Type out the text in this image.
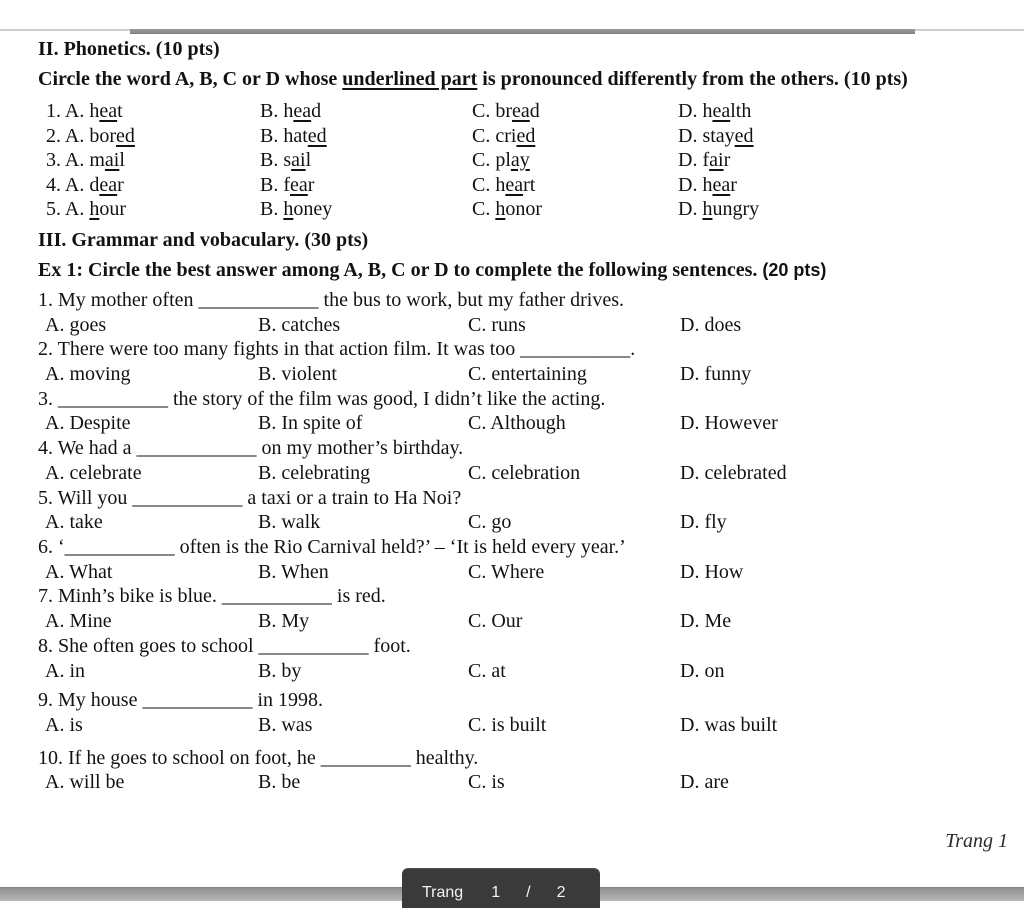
II. Phonetics. (10 pts)
Circle the word A, B, C or D whose underlined part is pronounced differently from the others. (10 pts)
1. A. heat	B. head	C. bread	D. health
2. A. bored	B. hated	C. cried	D. stayed
3. A. mail	B. sail	C. play	D. fair
4. A. dear	B. fear	C. heart	D. hear
5. A. hour	B. honey	C. honor	D. hungry
III. Grammar and vobaculary. (30 pts)
Ex 1: Circle the best answer among A, B, C or D to complete the following sentences. (20 pts)
1. My mother often ____________ the bus to work, but my father drives.
A. goes	B. catches	C. runs	D. does
2. There were too many fights in that action film. It was too ___________.
A. moving	B. violent	C. entertaining	D. funny
3. ___________ the story of the film was good, I didn’t like the acting.
A. Despite	B. In spite of	C. Although	D. However
4. We had a ____________ on my mother’s birthday.
A. celebrate	B. celebrating	C. celebration	D. celebrated
5. Will you ___________ a taxi or a train to Ha Noi?
A. take	B. walk	C. go	D. fly
6. ‘___________ often is the Rio Carnival held?’ – ‘It is held every year.’
A. What	B. When	C. Where	D. How
7. Minh’s bike is blue. ___________ is red.
A. Mine	B. My	C. Our	D. Me
8. She often goes to school ___________ foot.
A. in	B. by	C. at	D. on
9. My house ___________ in 1998.
A. is	B. was	C. is built	D. was built
10. If he goes to school on foot, he _________ healthy.
A. will be	B. be	C. is	D. are
Trang 1
Trang 1 / 2
